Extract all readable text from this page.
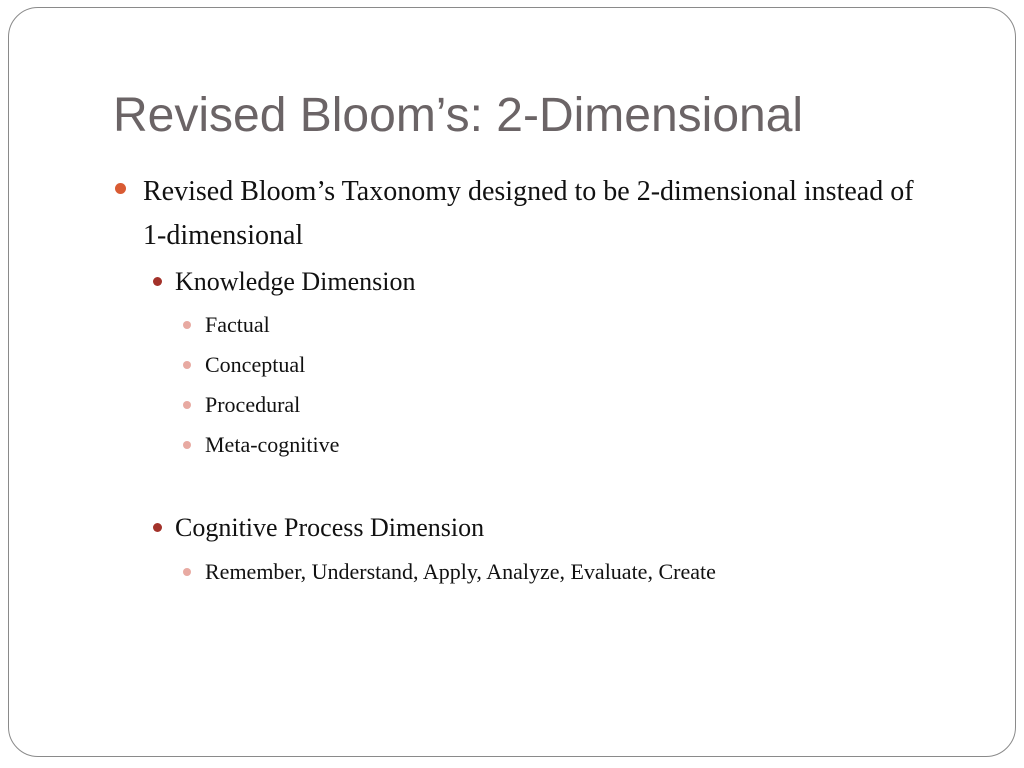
Revised Bloom’s: 2-Dimensional
Revised Bloom’s Taxonomy designed to be 2-dimensional instead of 1-dimensional
Knowledge Dimension
Factual
Conceptual
Procedural
Meta-cognitive
Cognitive Process Dimension
Remember, Understand, Apply, Analyze, Evaluate, Create
